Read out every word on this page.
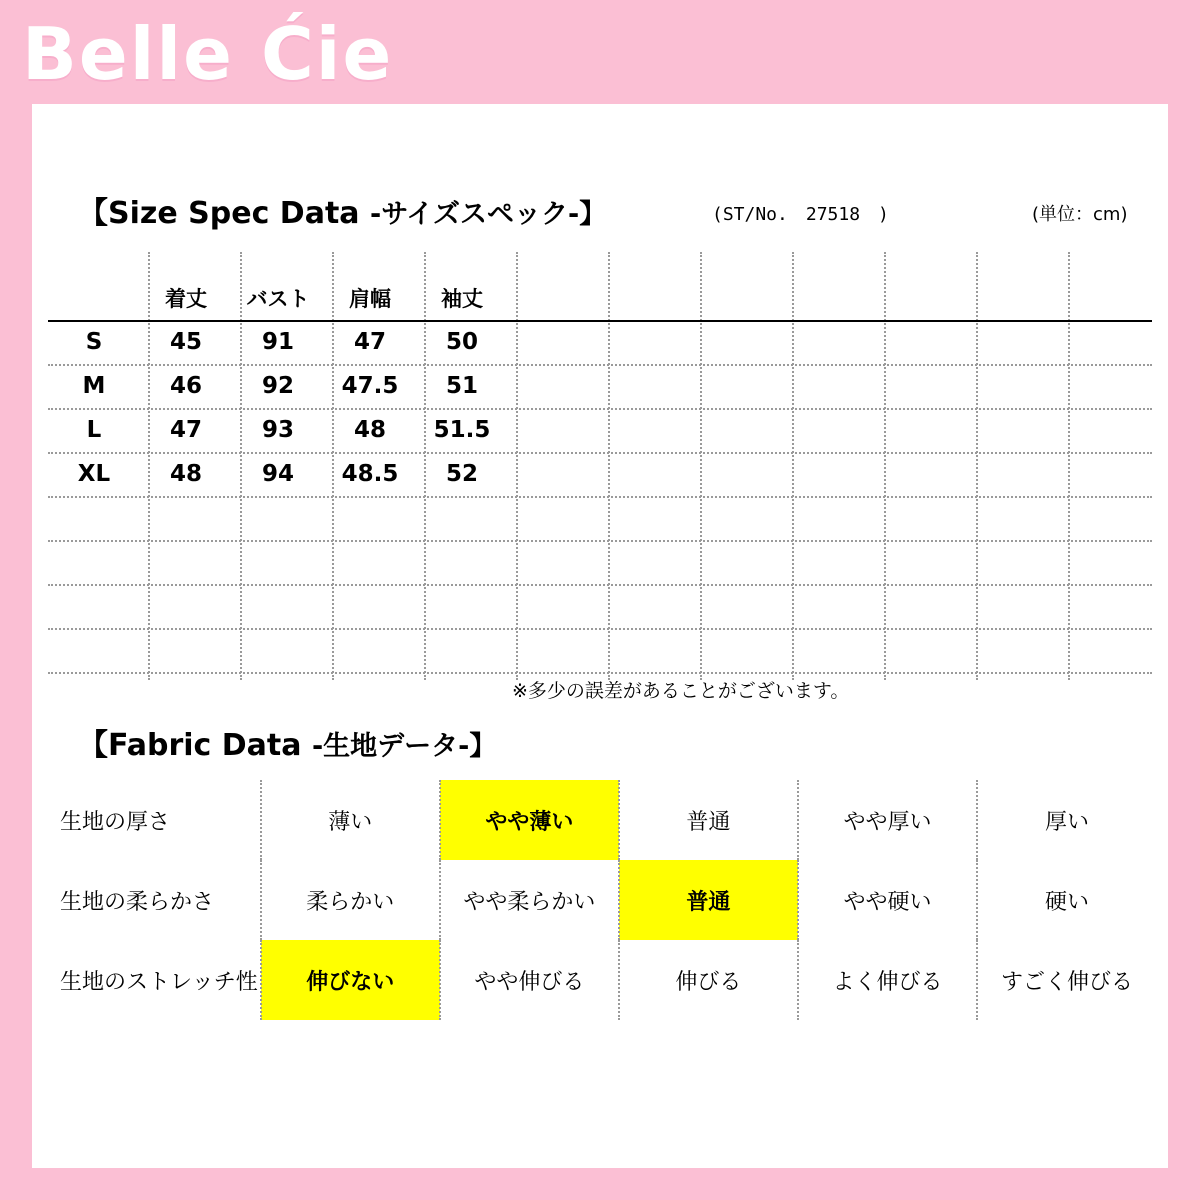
Belle Ćie
【Size Spec Data -サイズスペック-】	(ST/No.　27518　)	(単位：cm)
	着丈	バスト	肩幅	袖丈
S	45	91	47	50
M	46	92	47.5	51
L	47	93	48	51.5
XL	48	94	48.5	52
※多少の誤差があることがございます。
【Fabric Data -生地データ-】
生地の厚さ	薄い	やや薄い	普通	やや厚い	厚い
生地の柔らかさ	柔らかい	やや柔らかい	普通	やや硬い	硬い
生地のストレッチ性	伸びない	やや伸びる	伸びる	よく伸びる	すごく伸びる
